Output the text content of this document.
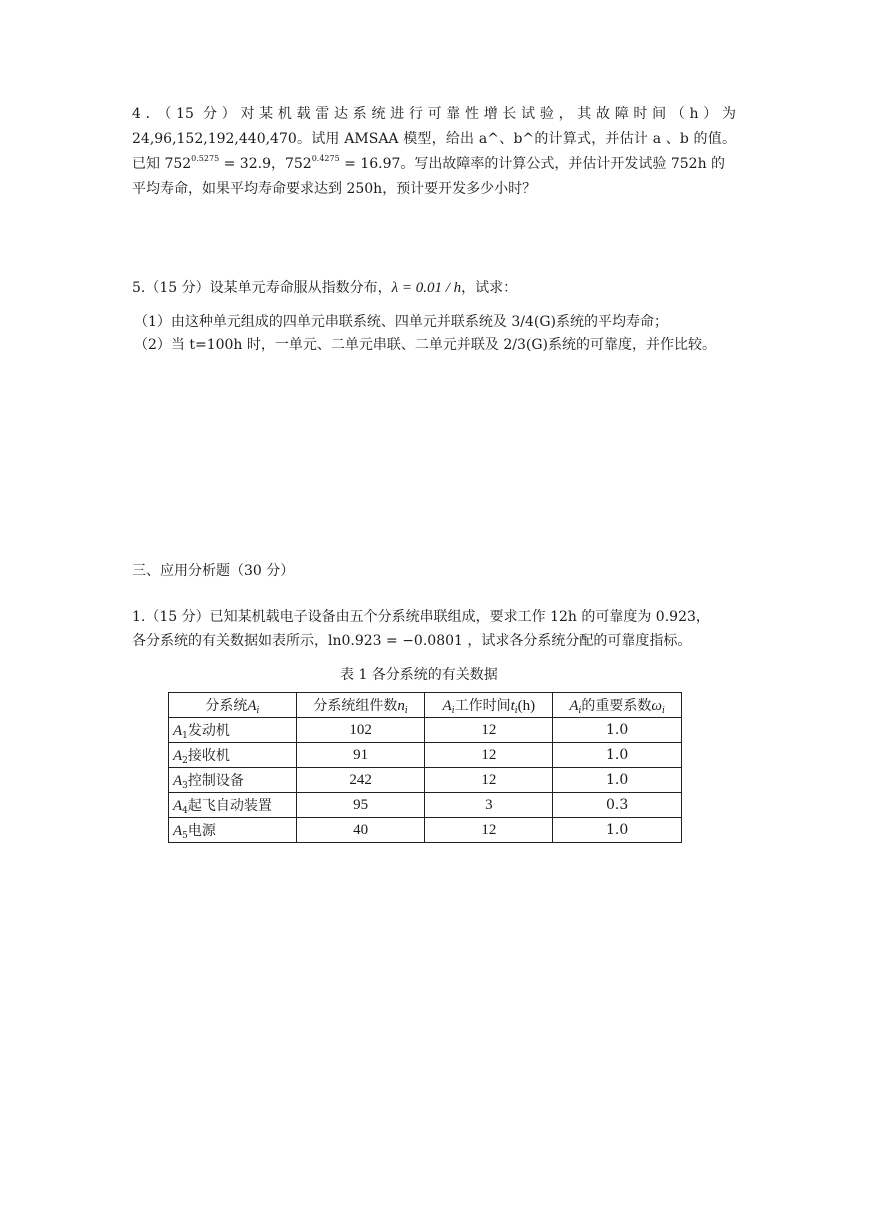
4．（15 分）对某机载雷达系统进行可靠性增长试验，其故障时间（h）为
24,96,152,192,440,470。试用 AMSAA 模型，给出 a^、b^的计算式，并估计 a 、b 的值。
已知 $752^{0.5275} = 32.9$，$752^{0.4275} = 16.97$。写出故障率的计算公式，并估计开发试验 752h 的
平均寿命，如果平均寿命要求达到 250h，预计要开发多少小时？
5.（15 分）设某单元寿命服从指数分布，λ = 0.01 / h，试求：
（1）由这种单元组成的四单元串联系统、四单元并联系统及 3/4(G)系统的平均寿命；
（2）当 t=100h 时，一单元、二单元串联、二单元并联及 2/3(G)系统的可靠度，并作比较。
三、应用分析题（30 分）
1.（15 分）已知某机载电子设备由五个分系统串联组成，要求工作 12h 的可靠度为 0.923，
各分系统的有关数据如表所示，ln0.923 = −0.0801 ，试求各分系统分配的可靠度指标。
表 1 各分系统的有关数据
分系统$A_i$	分系统组件数$n_i$	$A_i$工作时间$t_i(h)$	$A_i$的重要系数$\omega_i$
$A_1$发动机	102	12	1.0
$A_2$接收机	91	12	1.0
$A_3$控制设备	242	12	1.0
$A_4$起飞自动装置	95	3	0.3
$A_5$电源	40	12	1.0
